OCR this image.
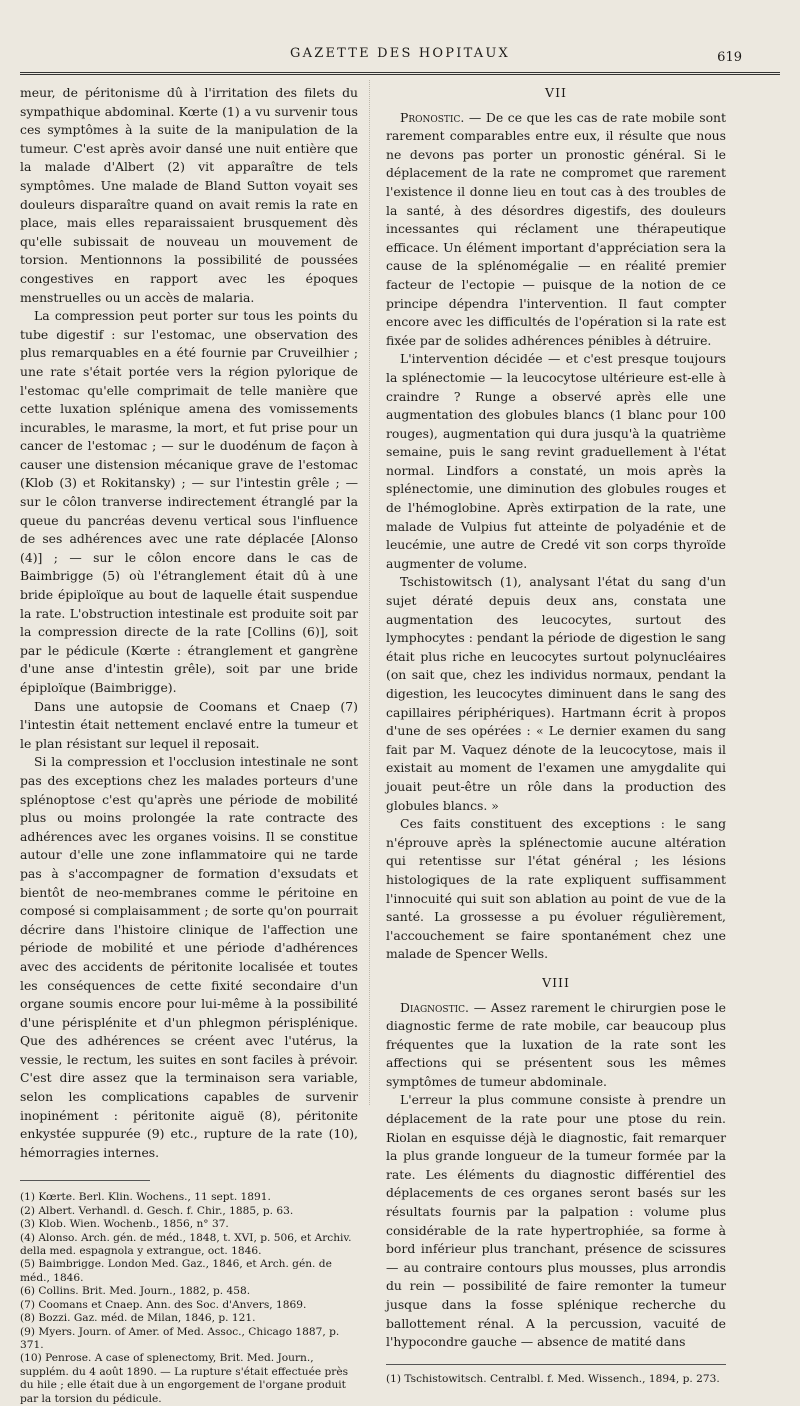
GAZETTE DES HOPITAUX	619

meur, de péritonisme dû à l'irritation des filets du sympathique abdominal. Kœrte (1) a vu survenir tous ces symptômes à la suite de la manipulation de la tumeur. C'est après avoir dansé une nuit entière que la malade d'Albert (2) vit apparaître de tels symptômes. Une malade de Bland Sutton voyait ses douleurs disparaître quand on avait remis la rate en place, mais elles reparaissaient brusquement dès qu'elle subissait de nouveau un mouvement de torsion. Mentionnons la possibilité de poussées congestives en rapport avec les époques menstruelles ou un accès de malaria.

La compression peut porter sur tous les points du tube digestif : sur l'estomac, une observation des plus remarquables en a été fournie par Cruveilhier ; une rate s'était portée vers la région pylorique de l'estomac qu'elle comprimait de telle manière que cette luxation splénique amena des vomissements incurables, le marasme, la mort, et fut prise pour un cancer de l'estomac ; — sur le duodénum de façon à causer une distension mécanique grave de l'estomac (Klob (3) et Rokitansky) ; — sur l'intestin grêle ; — sur le côlon tranverse indirectement étranglé par la queue du pancréas devenu vertical sous l'influence de ses adhérences avec une rate déplacée [Alonso (4)] ; — sur le côlon encore dans le cas de Baimbrigge (5) où l'étranglement était dû à une bride épiploïque au bout de laquelle était suspendue la rate. L'obstruction intestinale est produite soit par la compression directe de la rate [Collins (6)], soit par le pédicule (Kœrte : étranglement et gangrène d'une anse d'intestin grêle), soit par une bride épiploïque (Baimbrigge).

Dans une autopsie de Coomans et Cnaep (7) l'intestin était nettement enclavé entre la tumeur et le plan résistant sur lequel il reposait.

Si la compression et l'occlusion intestinale ne sont pas des exceptions chez les malades porteurs d'une splénoptose c'est qu'après une période de mobilité plus ou moins prolongée la rate contracte des adhérences avec les organes voisins. Il se constitue autour d'elle une zone inflammatoire qui ne tarde pas à s'accompagner de formation d'exsudats et bientôt de neo-membranes comme le péritoine en composé si complaisamment ; de sorte qu'on pourrait décrire dans l'histoire clinique de l'affection une période de mobilité et une période d'adhérences avec des accidents de péritonite localisée et toutes les conséquences de cette fixité secondaire d'un organe soumis encore pour lui-même à la possibilité d'une périsplénite et d'un phlegmon périsplénique. Que des adhérences se créent avec l'utérus, la vessie, le rectum, les suites en sont faciles à prévoir. C'est dire assez que la terminaison sera variable, selon les complications capables de survenir inopinément : péritonite aiguë (8), péritonite enkystée suppurée (9) etc., rupture de la rate (10), hémorragies internes.

(1) Kœrte. Berl. Klin. Wochens., 11 sept. 1891.
(2) Albert. Verhandl. d. Gesch. f. Chir., 1885, p. 63.
(3) Klob. Wien. Wochenb., 1856, n° 37.
(4) Alonso. Arch. gén. de méd., 1848, t. XVI, p. 506, et Archiv. della med. espagnola y extrangue, oct. 1846.
(5) Baimbrigge. London Med. Gaz., 1846, et Arch. gén. de méd., 1846.
(6) Collins. Brit. Med. Journ., 1882, p. 458.
(7) Coomans et Cnaep. Ann. des Soc. d'Anvers, 1869.
(8) Bozzi. Gaz. méd. de Milan, 1846, p. 121.
(9) Myers. Journ. of Amer. of Med. Assoc., Chicago 1887, p. 371.
(10) Penrose. A case of splenectomy, Brit. Med. Journ., supplém. du 4 août 1890. — La rupture s'était effectuée près du hile ; elle était due à un engorgement de l'organe produit par la torsion du pédicule.
VII

Pronostic. — De ce que les cas de rate mobile sont rarement comparables entre eux, il résulte que nous ne devons pas porter un pronostic général. Si le déplacement de la rate ne compromet que rarement l'existence il donne lieu en tout cas à des troubles de la santé, à des désordres digestifs, des douleurs incessantes qui réclament une thérapeutique efficace. Un élément important d'appréciation sera la cause de la splénomégalie — en réalité premier facteur de l'ectopie — puisque de la notion de ce principe dépendra l'intervention. Il faut compter encore avec les difficultés de l'opération si la rate est fixée par de solides adhérences pénibles à détruire.

L'intervention décidée — et c'est presque toujours la splénectomie — la leucocytose ultérieure est-elle à craindre ? Runge a observé après elle une augmentation des globules blancs (1 blanc pour 100 rouges), augmentation qui dura jusqu'à la quatrième semaine, puis le sang revint graduellement à l'état normal. Lindfors a constaté, un mois après la splénectomie, une diminution des globules rouges et de l'hémoglobine. Après extirpation de la rate, une malade de Vulpius fut atteinte de polyadénie et de leucémie, une autre de Credé vit son corps thyroïde augmenter de volume.

Tschistowitsch (1), analysant l'état du sang d'un sujet dératé depuis deux ans, constata une augmentation des leucocytes, surtout des lymphocytes : pendant la période de digestion le sang était plus riche en leucocytes surtout polynucléaires (on sait que, chez les individus normaux, pendant la digestion, les leucocytes diminuent dans le sang des capillaires périphériques). Hartmann écrit à propos d'une de ses opérées : « Le dernier examen du sang fait par M. Vaquez dénote de la leucocytose, mais il existait au moment de l'examen une amygdalite qui jouait peut-être un rôle dans la production des globules blancs. »

Ces faits constituent des exceptions : le sang n'éprouve après la splénectomie aucune altération qui retentisse sur l'état général ; les lésions histologiques de la rate expliquent suffisamment l'innocuité qui suit son ablation au point de vue de la santé. La grossesse a pu évoluer régulièrement, l'accouchement se faire spontanément chez une malade de Spencer Wells.

VIII

Diagnostic. — Assez rarement le chirurgien pose le diagnostic ferme de rate mobile, car beaucoup plus fréquentes que la luxation de la rate sont les affections qui se présentent sous les mêmes symptômes de tumeur abdominale.

L'erreur la plus commune consiste à prendre un déplacement de la rate pour une ptose du rein. Riolan en esquisse déjà le diagnostic, fait remarquer la plus grande longueur de la tumeur formée par la rate. Les éléments du diagnostic différentiel des déplacements de ces organes seront basés sur les résultats fournis par la palpation : volume plus considérable de la rate hypertrophiée, sa forme à bord inférieur plus tranchant, présence de scissures — au contraire contours plus mousses, plus arrondis du rein — possibilité de faire remonter la tumeur jusque dans la fosse splénique recherche du ballottement rénal. A la percussion, vacuité de l'hypocondre gauche — absence de matité dans

(1) Tschistowitsch. Centralbl. f. Med. Wissench., 1894, p. 273.
